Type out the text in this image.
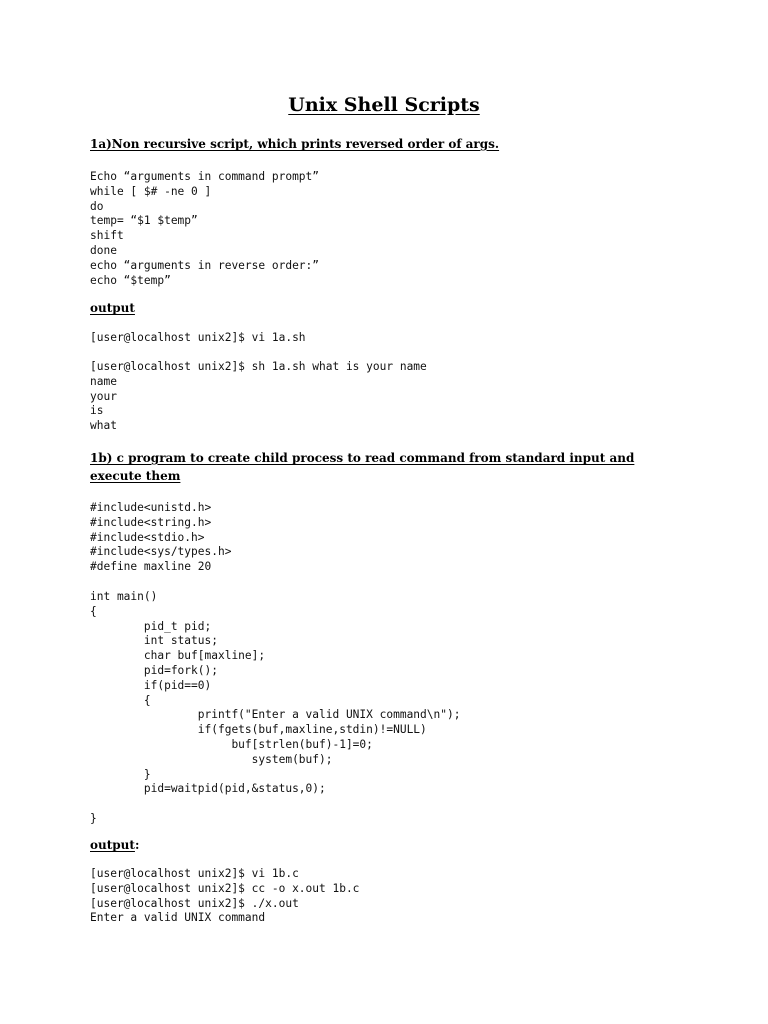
Unix Shell Scripts
1a)Non recursive script, which prints reversed order of args.
Echo “arguments in command prompt”
while [ $# -ne 0 ]
do
temp= “$1 $temp”
shift
done
echo “arguments in reverse order:”
echo “$temp”
output
[user@localhost unix2]$ vi 1a.sh
[user@localhost unix2]$ sh 1a.sh what is your name
name
your
is
what
1b) c program to create child process to read command from standard input and execute them
#include<unistd.h>
#include<string.h>
#include<stdio.h>
#include<sys/types.h>
#define maxline 20
int main()
{
pid_t pid;
int status;
char buf[maxline];
pid=fork();
if(pid==0)
{
printf("Enter a valid UNIX command\n");
if(fgets(buf,maxline,stdin)!=NULL)
buf[strlen(buf)-1]=0;
system(buf);
}
pid=waitpid(pid,&status,0);
}
output:
[user@localhost unix2]$ vi 1b.c
[user@localhost unix2]$ cc -o x.out 1b.c
[user@localhost unix2]$ ./x.out
Enter a valid UNIX command
